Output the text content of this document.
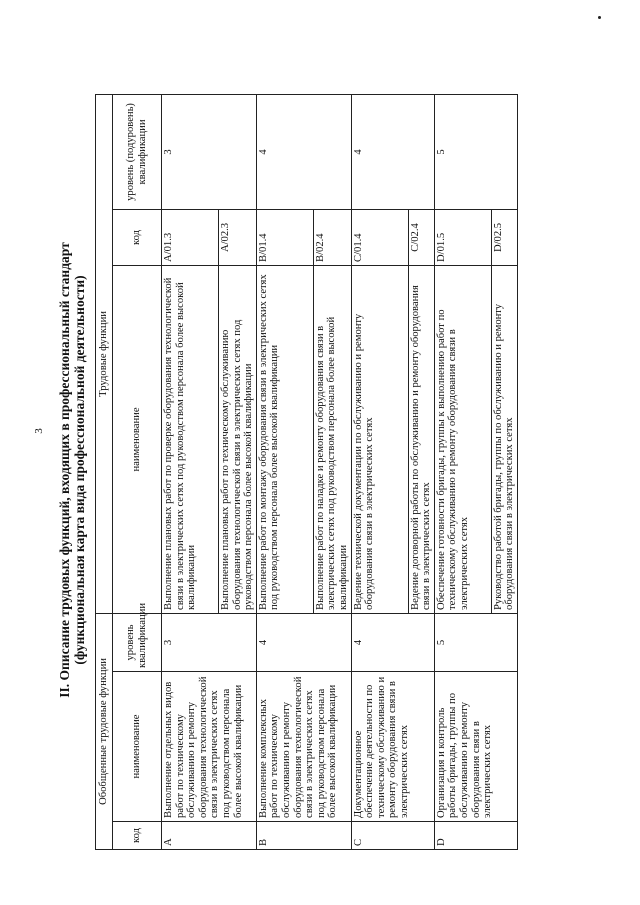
3 II. Описание трудовых функций, входящих в профессиональный стандарт (функциональная карта вида профессиональной деятельности)
Обобщенные трудовые функции			Трудовые функции		
код	наименование	уровень квалификации	наименование	код	уровень (подуровень) квалификации
A	Выполнение отдельных видов работ по техническому обслуживанию и ремонту оборудования технологической связи в электрических сетях под руководством персонала более высокой квалификации	3	Выполнение плановых работ по проверке оборудования технологической связи в электрических сетях под руководством персонала более высокой квалификации	A/01.3	3
			Выполнение плановых работ по техническому обслуживанию оборудования технологической связи в электрических сетях под руководством персонала более высокой квалификации	A/02.3	
B	Выполнение комплексных работ по техническому обслуживанию и ремонту оборудования технологической связи в электрических сетях под руководством персонала более высокой квалификации	4	Выполнение работ по монтажу оборудования связи в электрических сетях под руководством персонала более высокой квалификации	B/01.4	4
			Выполнение работ по наладке и ремонту оборудования связи в электрических сетях под руководством персонала более высокой квалификации	B/02.4	
C	Документационное обеспечение деятельности по техническому обслуживанию и ремонту оборудования связи в электрических сетях	4	Ведение технической документации по обслуживанию и ремонту оборудования связи в электрических сетях	C/01.4	4
			Ведение договорной работы по обслуживанию и ремонту оборудования связи в электрических сетях	C/02.4	
D	Организация и контроль работы бригады, группы по обслуживанию и ремонту оборудования связи в электрических сетях	5	Обеспечение готовности бригады, группы к выполнению работ по техническому обслуживанию и ремонту оборудования связи в электрических сетях	D/01.5	5
			Руководство работой бригады, группы по обслуживанию и ремонту оборудования связи в электрических сетях	D/02.5	
